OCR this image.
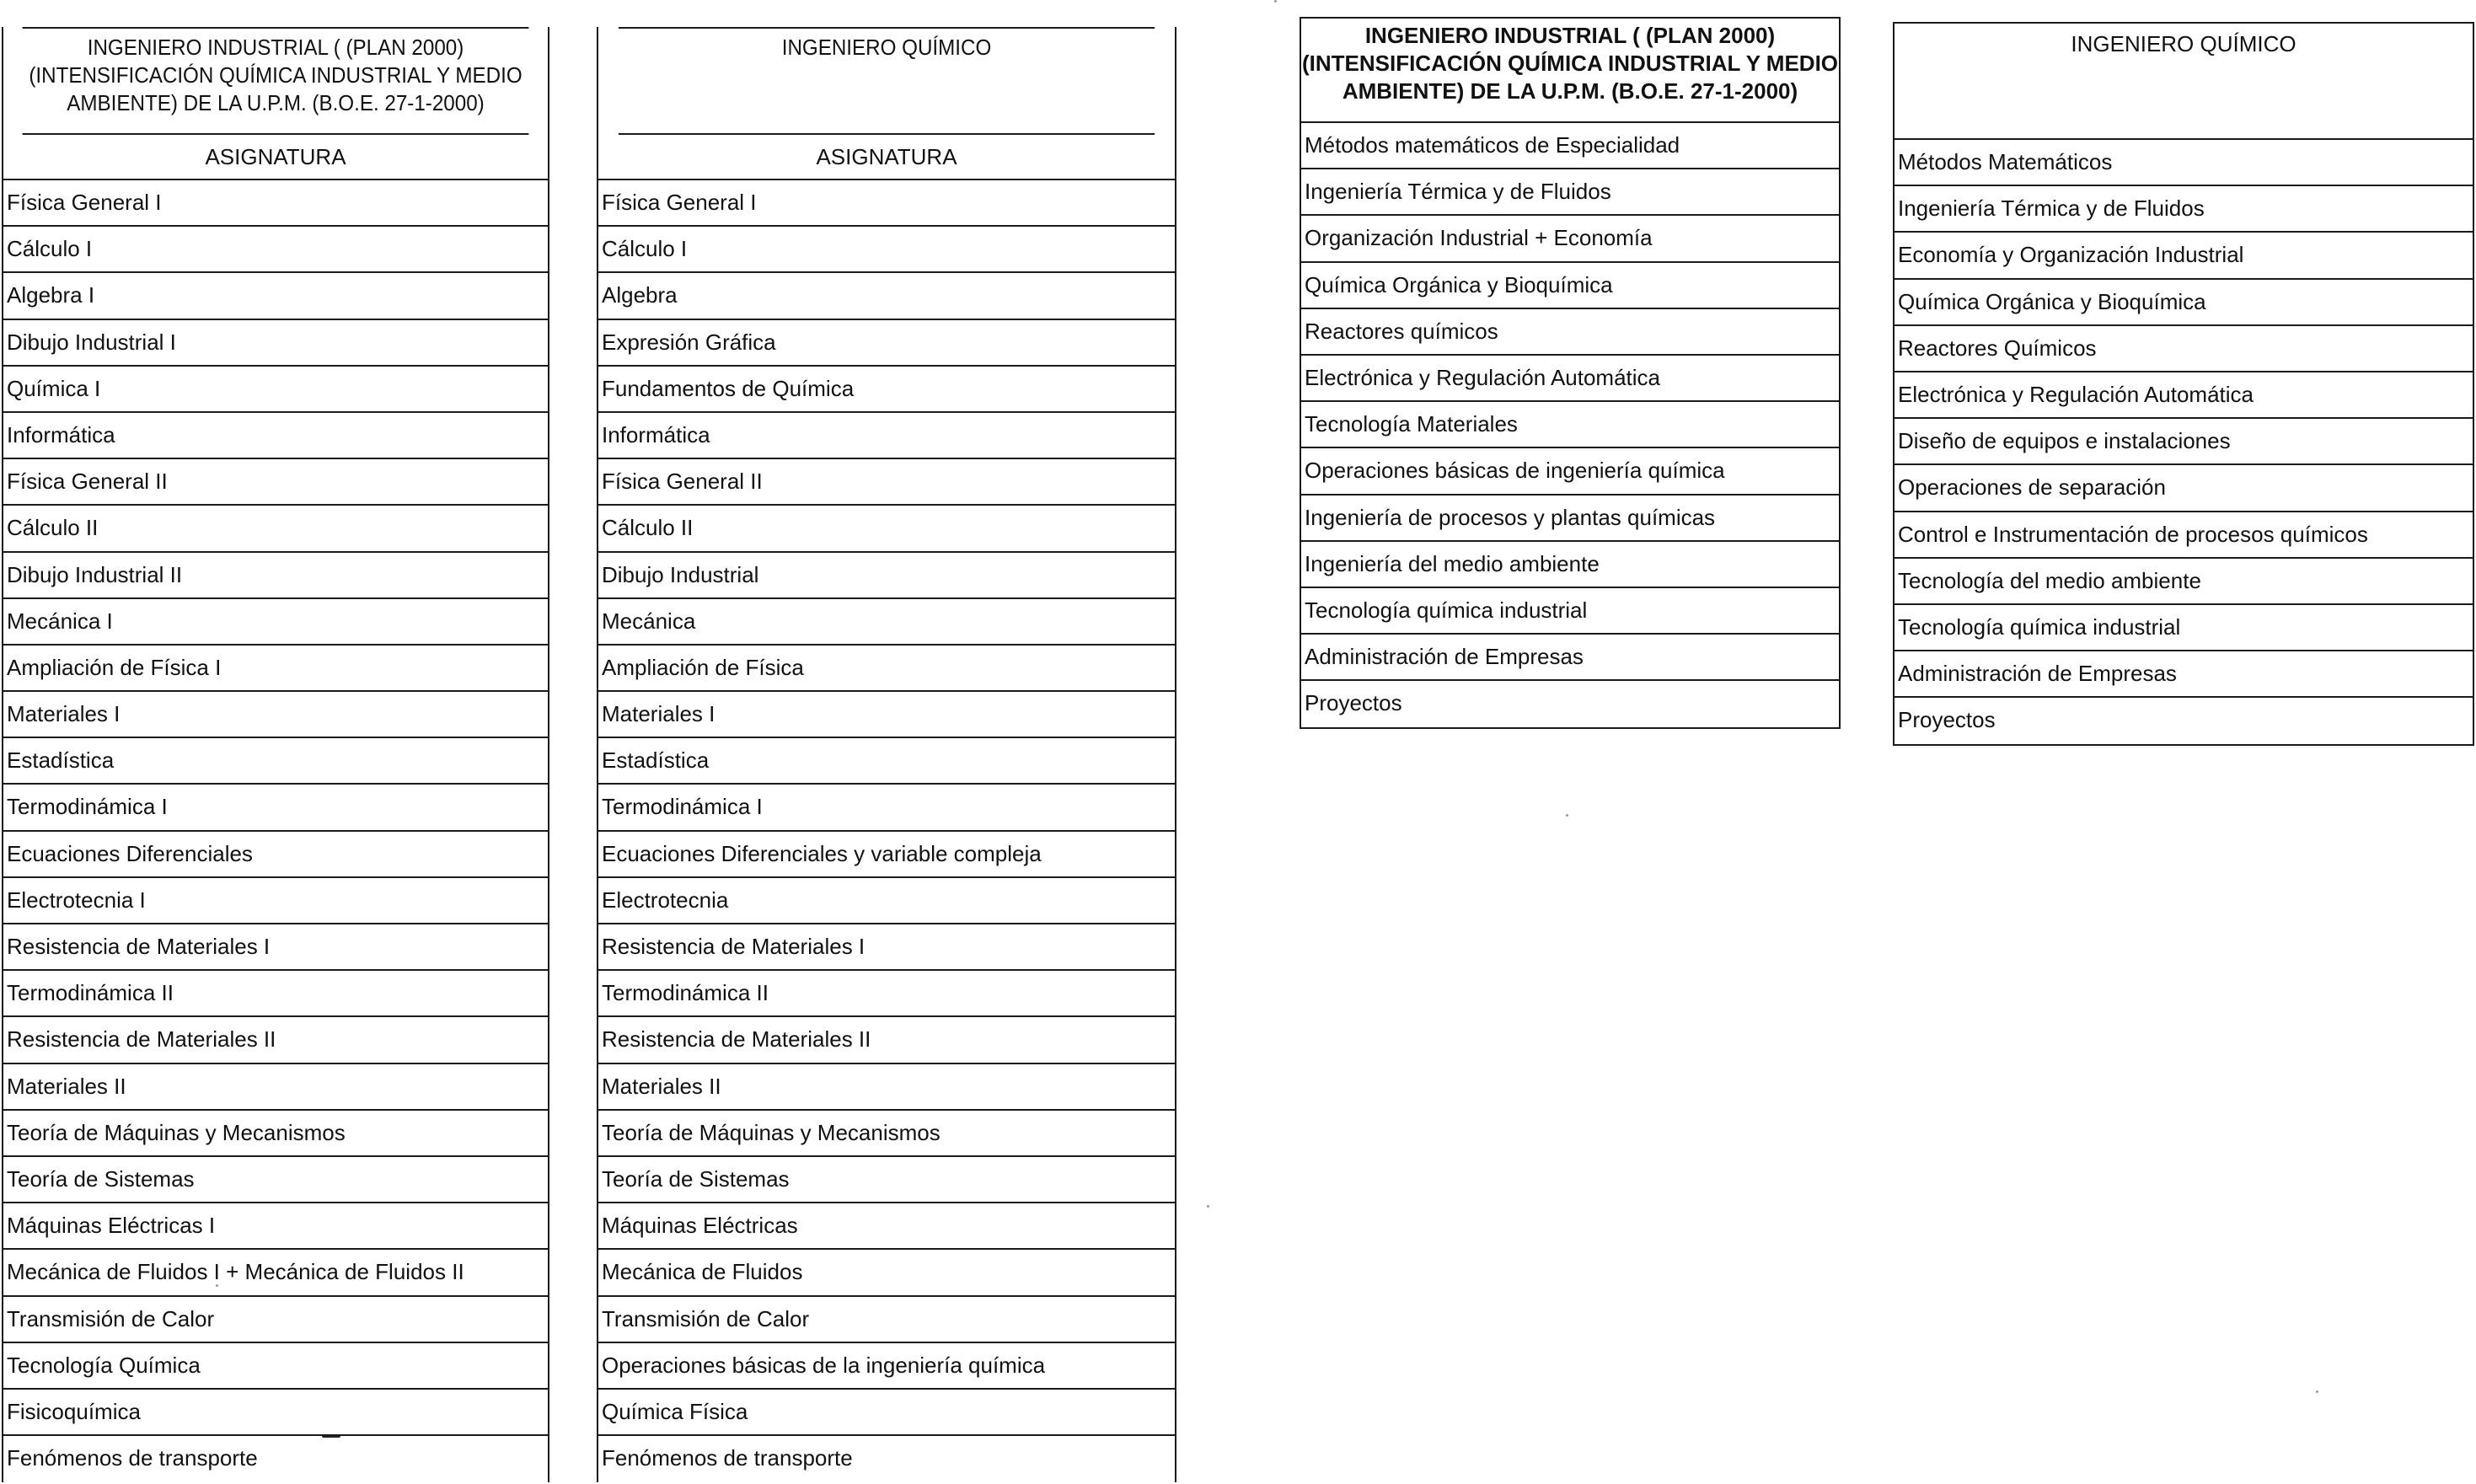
INGENIERO INDUSTRIAL ( (PLAN 2000)
(INTENSIFICACIÓN QUÍMICA INDUSTRIAL Y MEDIO
AMBIENTE) DE LA U.P.M. (B.O.E. 27-1-2000)
ASIGNATURA
Física General I
Cálculo I
Algebra I
Dibujo Industrial I
Química I
Informática
Física General II
Cálculo II
Dibujo Industrial II
Mecánica I
Ampliación de Física I
Materiales I
Estadística
Termodinámica I
Ecuaciones Diferenciales
Electrotecnia I
Resistencia de Materiales I
Termodinámica II
Resistencia de Materiales II
Materiales II
Teoría de Máquinas y Mecanismos
Teoría de Sistemas
Máquinas Eléctricas I
Mecánica de Fluidos I + Mecánica de Fluidos II
Transmisión de Calor
Tecnología Química
Fisicoquímica
Fenómenos de transporte
INGENIERO QUÍMICO
ASIGNATURA
Física General I
Cálculo I
Algebra
Expresión Gráfica
Fundamentos de Química
Informática
Física General II
Cálculo II
Dibujo Industrial
Mecánica
Ampliación de Física
Materiales I
Estadística
Termodinámica I
Ecuaciones Diferenciales y variable compleja
Electrotecnia
Resistencia de Materiales I
Termodinámica II
Resistencia de Materiales II
Materiales II
Teoría de Máquinas y Mecanismos
Teoría de Sistemas
Máquinas Eléctricas
Mecánica de Fluidos
Transmisión de Calor
Operaciones básicas de la ingeniería química
Química Física
Fenómenos de transporte
INGENIERO INDUSTRIAL ( (PLAN 2000)
(INTENSIFICACIÓN QUÍMICA INDUSTRIAL Y MEDIO
AMBIENTE) DE LA U.P.M. (B.O.E. 27-1-2000)
Métodos matemáticos de Especialidad
Ingeniería Térmica y de Fluidos
Organización Industrial + Economía
Química Orgánica y Bioquímica
Reactores químicos
Electrónica y Regulación Automática
Tecnología Materiales
Operaciones básicas de ingeniería química
Ingeniería de procesos y plantas químicas
Ingeniería del medio ambiente
Tecnología química industrial
Administración de Empresas
Proyectos
INGENIERO QUÍMICO
Métodos Matemáticos
Ingeniería Térmica y de Fluidos
Economía y Organización Industrial
Química Orgánica y Bioquímica
Reactores Químicos
Electrónica y Regulación Automática
Diseño de equipos e instalaciones
Operaciones de separación
Control e Instrumentación de procesos químicos
Tecnología del medio ambiente
Tecnología química industrial
Administración de Empresas
Proyectos
